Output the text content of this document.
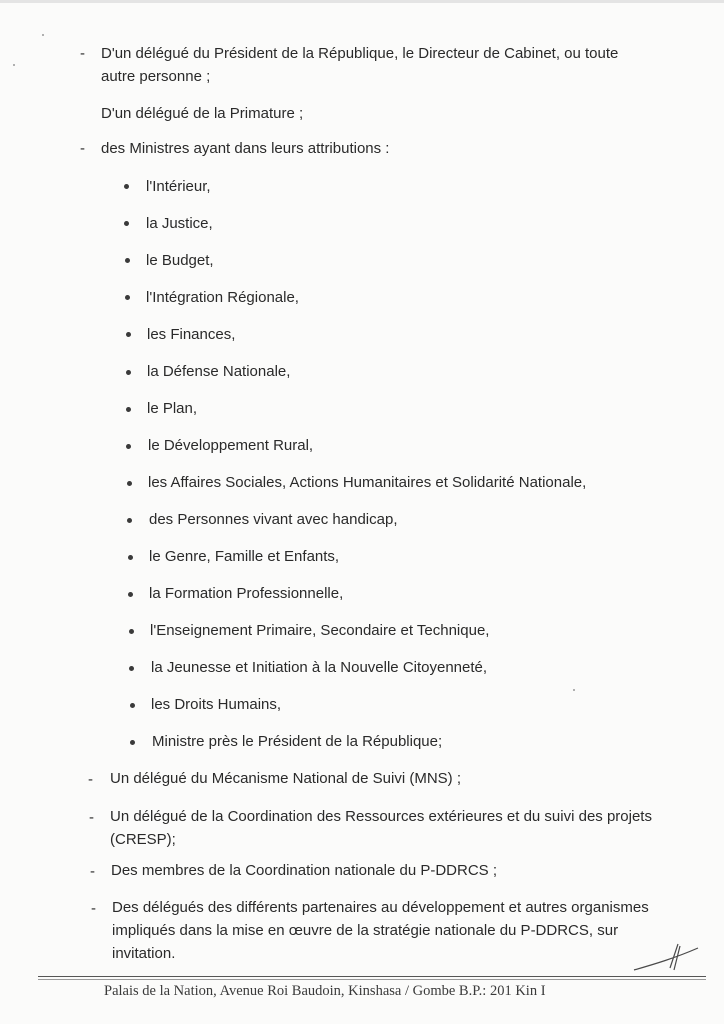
- D'un délégué du Président de la République, le Directeur de Cabinet, ou toute
autre personne ;
D'un délégué de la Primature ;
- des Ministres ayant dans leurs attributions :
l'Intérieur,
la Justice,
le Budget,
l'Intégration Régionale,
les Finances,
la Défense Nationale,
le Plan,
le Développement Rural,
les Affaires Sociales, Actions Humanitaires et Solidarité Nationale,
des Personnes vivant avec handicap,
le Genre, Famille et Enfants,
la Formation Professionnelle,
l'Enseignement Primaire, Secondaire et Technique,
la Jeunesse et Initiation à la Nouvelle Citoyenneté,
les Droits Humains,
Ministre près le Président de la République;
- Un délégué du Mécanisme National de Suivi (MNS) ;
- Un délégué de la Coordination des Ressources extérieures et du suivi des projets
(CRESP);
- Des membres de la Coordination nationale du P-DDRCS ;
- Des délégués des différents partenaires au développement et autres organismes
impliqués dans la mise en œuvre de la stratégie nationale du P-DDRCS, sur
invitation.
Palais de la Nation, Avenue Roi Baudoin, Kinshasa / Gombe B.P.: 201 Kin I
